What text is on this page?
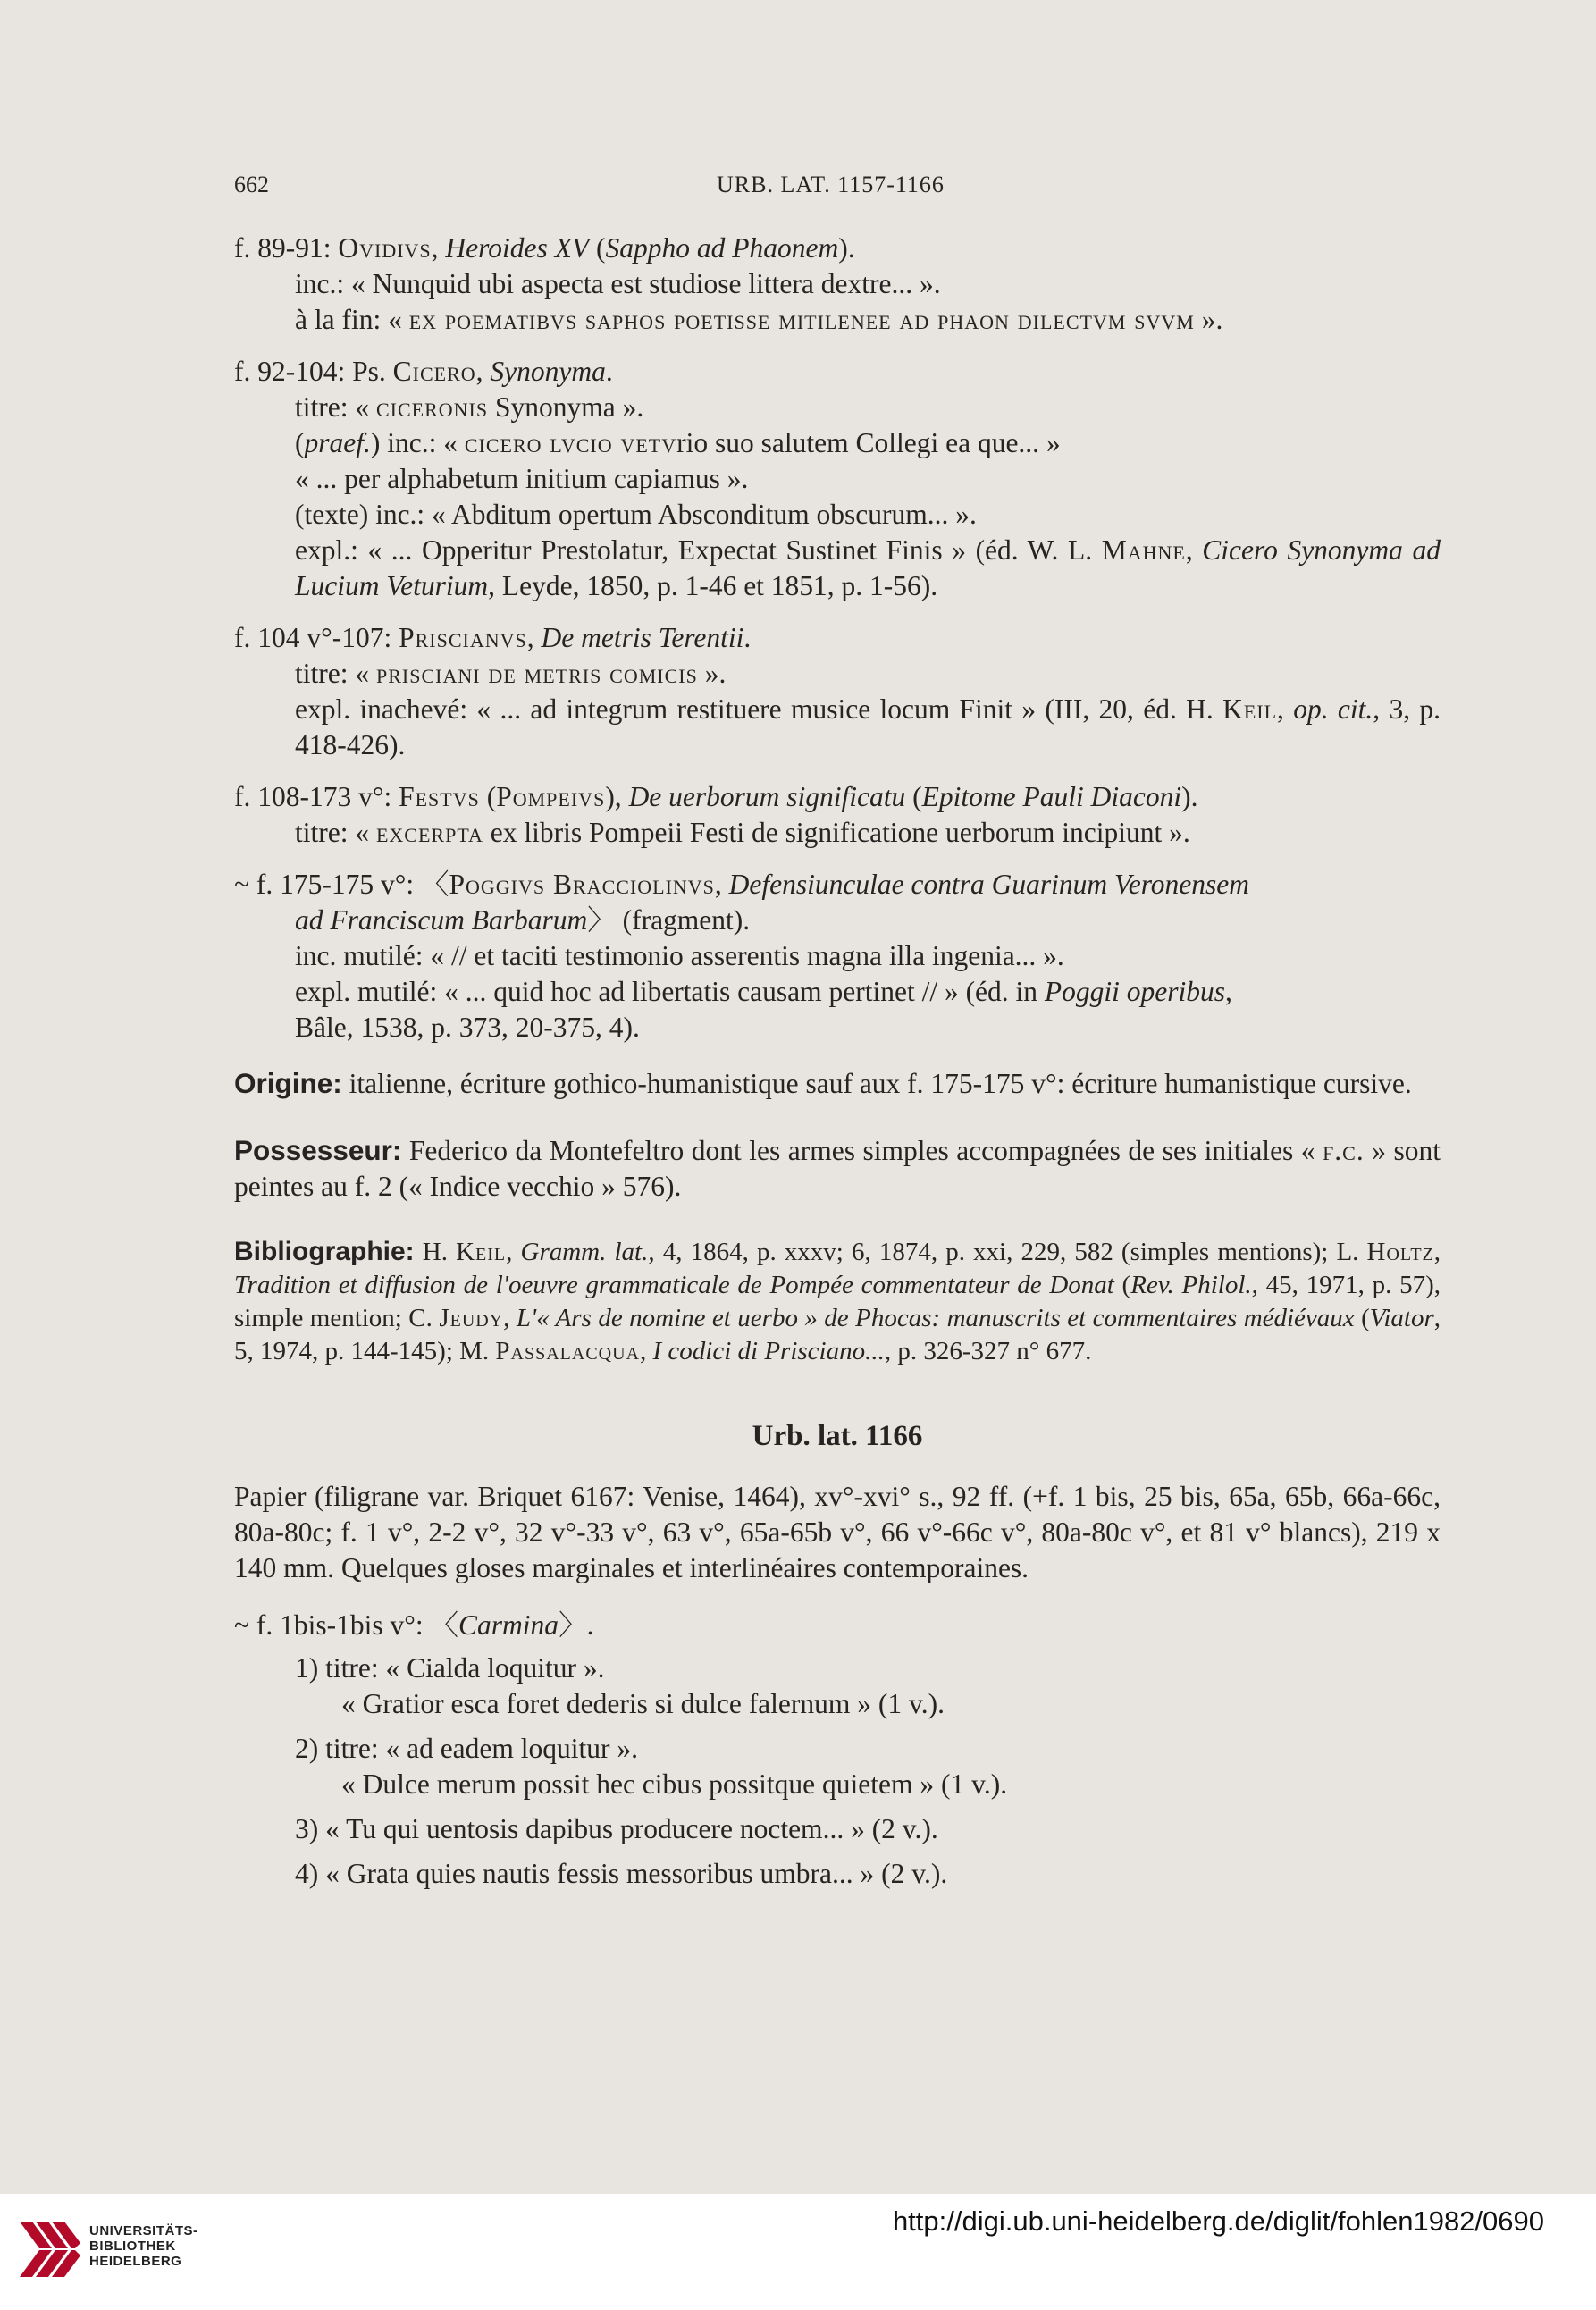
662	URB. LAT. 1157-1166

f. 89-91: Ovidivs, Heroides XV (Sappho ad Phaonem).

inc.: « Nunquid ubi aspecta est studiose littera dextre... ».

à la fin: « ex poematibvs saphos poetisse mitilenee ad phaon dilectvm svvm ».

f. 92-104: Ps. Cicero, Synonyma.

titre: « ciceronis Synonyma ».

(praef.) inc.: « cicero lvcio vetvrio suo salutem Collegi ea que... »

« ... per alphabetum initium capiamus ».

(texte) inc.: « Abditum opertum Absconditum obscurum... ».

expl.: « ... Opperitur Prestolatur, Expectat Sustinet Finis » (éd. W. L. Mahne, Cicero Synonyma ad Lucium Veturium, Leyde, 1850, p. 1-46 et 1851, p. 1-56).

f. 104 v°-107: Priscianvs, De metris Terentii.

titre: « prisciani de metris comicis ».

expl. inachevé: « ... ad integrum restituere musice locum Finit » (III, 20, éd. H. Keil, op. cit., 3, p. 418-426).

f. 108-173 v°: Festvs (Pompeivs), De uerborum significatu (Epitome Pauli Diaconi).

titre: « excerpta ex libris Pompeii Festi de significatione uerborum incipiunt ».

~ f. 175-175 v°: 〈Poggivs Bracciolinvs, Defensiunculae contra Guarinum Veronensem

ad Franciscum Barbarum〉 (fragment).

inc. mutilé: « // et taciti testimonio asserentis magna illa ingenia... ».

expl. mutilé: « ... quid hoc ad libertatis causam pertinet // » (éd. in Poggii operibus,

Bâle, 1538, p. 373, 20-375, 4).

Origine: italienne, écriture gothico-humanistique sauf aux f. 175-175 v°: écriture humanistique cursive.

Possesseur: Federico da Montefeltro dont les armes simples accompagnées de ses initiales « f.c. » sont peintes au f. 2 (« Indice vecchio » 576).

Bibliographie: H. Keil, Gramm. lat., 4, 1864, p. xxxv; 6, 1874, p. xxi, 229, 582 (simples mentions); L. Holtz, Tradition et diffusion de l'oeuvre grammaticale de Pompée commentateur de Donat (Rev. Philol., 45, 1971, p. 57), simple mention; C. Jeudy, L'« Ars de nomine et uerbo » de Phocas: manuscrits et commentaires médiévaux (Viator, 5, 1974, p. 144-145); M. Passalacqua, I codici di Prisciano..., p. 326-327 n° 677.

Urb. lat. 1166

Papier (filigrane var. Briquet 6167: Venise, 1464), xv°-xvi° s., 92 ff. (+f. 1 bis, 25 bis, 65a, 65b, 66a-66c, 80a-80c; f. 1 v°, 2-2 v°, 32 v°-33 v°, 63 v°, 65a-65b v°, 66 v°-66c v°, 80a-80c v°, et 81 v° blancs), 219 x 140 mm. Quelques gloses marginales et interlinéaires contemporaines.

~ f. 1bis-1bis v°: 〈Carmina〉.

1) titre: « Cialda loquitur ».

« Gratior esca foret dederis si dulce falernum » (1 v.).

2) titre: « ad eadem loquitur ».

« Dulce merum possit hec cibus possitque quietem » (1 v.).

3) « Tu qui uentosis dapibus producere noctem... » (2 v.).

4) « Grata quies nautis fessis messoribus umbra... » (2 v.).

UNIVERSITÄTS-
BIBLIOTHEK
HEIDELBERG
http://digi.ub.uni-heidelberg.de/diglit/fohlen1982/0690
